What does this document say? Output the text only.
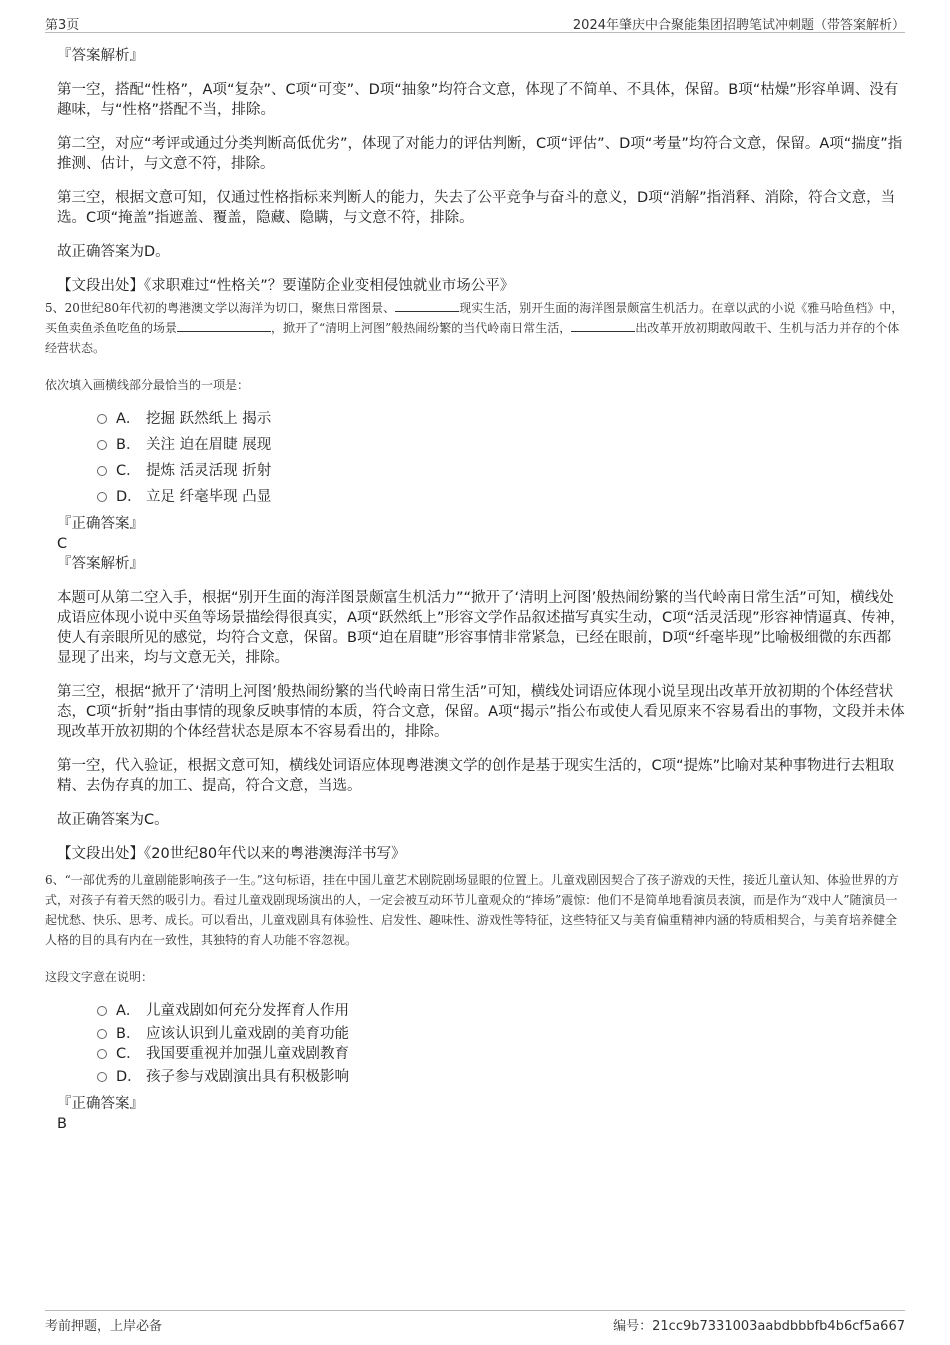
第3页	2024年肇庆中合聚能集团招聘笔试冲刺题（带答案解析）
『答案解析』

第一空，搭配“性格”，A项“复杂”、C项“可变”、D项“抽象”均符合文意，体现了不简单、不具体，保留。B项“枯燥”形容单调、没有趣味，与“性格”搭配不当，排除。

第二空，对应“考评或通过分类判断高低优劣”，体现了对能力的评估判断，C项“评估”、D项“考量”均符合文意，保留。A项“揣度”指推测、估计，与文意不符，排除。

第三空，根据文意可知，仅通过性格指标来判断人的能力，失去了公平竞争与奋斗的意义，D项“消解”指消释、消除，符合文意，当选。C项“掩盖”指遮盖、覆盖，隐藏、隐瞒，与文意不符，排除。

故正确答案为D。

【文段出处】《求职难过“性格关”？要谨防企业变相侵蚀就业市场公平》

5、20世纪80年代初的粤港澳文学以海洋为切口，聚焦日常图景、	现实生活，别开生面的海洋图景颇富生机活力。在章以武的小说《雅马哈鱼档》中，买鱼卖鱼杀鱼吃鱼的场景	，掀开了“清明上河图”般热闹纷繁的当代岭南日常生活，	出改革开放初期敢闯敢干、生机与活力并存的个体经营状态。

依次填入画横线部分最恰当的一项是：

A． 挖掘 跃然纸上 揭示
B． 关注 迫在眉睫 展现
C． 提炼 活灵活现 折射
D． 立足 纤毫毕现 凸显
『正确答案』
C
『答案解析』

本题可从第二空入手，根据“别开生面的海洋图景颇富生机活力”“掀开了‘清明上河图’般热闹纷繁的当代岭南日常生活”可知，横线处成语应体现小说中买鱼等场景描绘得很真实，A项“跃然纸上”形容文学作品叙述描写真实生动，C项“活灵活现”形容神情逼真、传神，使人有亲眼所见的感觉，均符合文意，保留。B项“迫在眉睫”形容事情非常紧急，已经在眼前，D项“纤毫毕现”比喻极细微的东西都显现了出来，均与文意无关，排除。

第三空，根据“掀开了‘清明上河图’般热闹纷繁的当代岭南日常生活”可知，横线处词语应体现小说呈现出改革开放初期的个体经营状态，C项“折射”指由事情的现象反映事情的本质，符合文意，保留。A项“揭示”指公布或使人看见原来不容易看出的事物，文段并未体现改革开放初期的个体经营状态是原本不容易看出的，排除。

第一空，代入验证，根据文意可知，横线处词语应体现粤港澳文学的创作是基于现实生活的，C项“提炼”比喻对某种事物进行去粗取精、去伪存真的加工、提高，符合文意，当选。

故正确答案为C。

【文段出处】《20世纪80年代以来的粤港澳海洋书写》

6、“一部优秀的儿童剧能影响孩子一生。”这句标语，挂在中国儿童艺术剧院剧场显眼的位置上。儿童戏剧因契合了孩子游戏的天性，接近儿童认知、体验世界的方式，对孩子有着天然的吸引力。看过儿童戏剧现场演出的人，一定会被互动环节儿童观众的“捧场”震惊：他们不是简单地看演员表演，而是作为“戏中人”随演员一起忧愁、快乐、思考、成长。可以看出，儿童戏剧具有体验性、启发性、趣味性、游戏性等特征，这些特征又与美育偏重精神内涵的特质相契合，与美育培养健全人格的目的具有内在一致性，其独特的育人功能不容忽视。

这段文字意在说明：

A． 儿童戏剧如何充分发挥育人作用
B． 应该认识到儿童戏剧的美育功能
C． 我国要重视并加强儿童戏剧教育
D． 孩子参与戏剧演出具有积极影响
『正确答案』
B
考前押题，上岸必备	编号：21cc9b7331003aabdbbbfb4b6cf5a667
